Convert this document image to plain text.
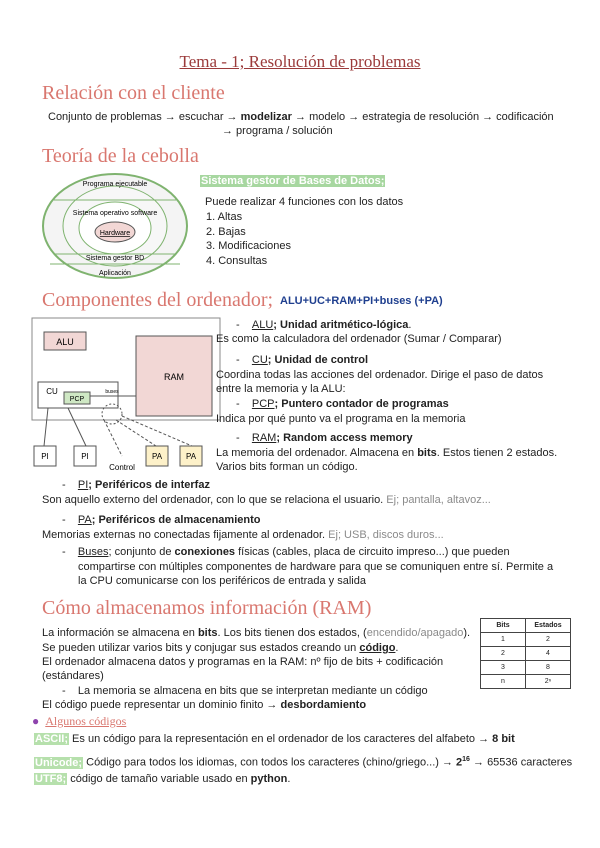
Tema - 1; Resolución de problemas
Relación con el cliente
Conjunto de problemas → escuchar → modelizar → modelo → estrategia de resolución → codificación
→ programa / solución
Teoría de la cebolla
Programa ejecutable
Sistema operativo software
Hardware
Sistema gestor BD
Aplicación
Sistema gestor de Bases de Datos;
Puede realizar 4 funciones con los datos
1. Altas
2. Bajas
3. Modificaciones
4. Consultas
Componentes del ordenador; ALU+UC+RAM+PI+buses (+PA)
ALU
RAM
CU
PCP
buses
PI	PI	PA	PA
Control
-    ALU; Unidad aritmético-lógica.
Es como la calculadora del ordenador (Sumar / Comparar)
-    CU; Unidad de control
Coordina todas las acciones del ordenador. Dirige el paso de datos
entre la memoria y la ALU:
-    PCP; Puntero contador de programas
Indica por qué punto va el programa en la memoria
-    RAM; Random access memory
La memoria del ordenador. Almacena en bits. Estos tienen 2 estados.
Varios bits forman un código.
-    PI; Periféricos de interfaz
Son aquello externo del ordenador, con lo que se relaciona el usuario. Ej; pantalla, altavoz...
-    PA; Periféricos de almacenamiento
Memorias externas no conectadas fijamente al ordenador. Ej; USB, discos duros...
-    Buses; conjunto de conexiones físicas (cables, placa de circuito impreso...) que pueden
compartirse con múltiples componentes de hardware para que se comuniquen entre sí. Permite a
la CPU comunicarse con los periféricos de entrada y salida
Cómo almacenamos información (RAM)
La información se almacena en bits. Los bits tienen dos estados, (encendido/apagado).
Se pueden utilizar varios bits y conjugar sus estados creando un código.
El ordenador almacena datos y programas en la RAM: nº fijo de bits + codificación
(estándares)
-    La memoria se almacena en bits que se interpretan mediante un código
El código puede representar un dominio finito → desbordamiento
Bits	Estados
1	2
2	4
3	8
n	2ⁿ
● Algunos códigos
ASCII; Es un código para la representación en el ordenador de los caracteres del alfabeto → 8 bit
Unicode; Código para todos los idiomas, con todos los caracteres (chino/griego...) → $2^{16} \to 65536$ caracteres
UTF8; código de tamaño variable usado en python.
